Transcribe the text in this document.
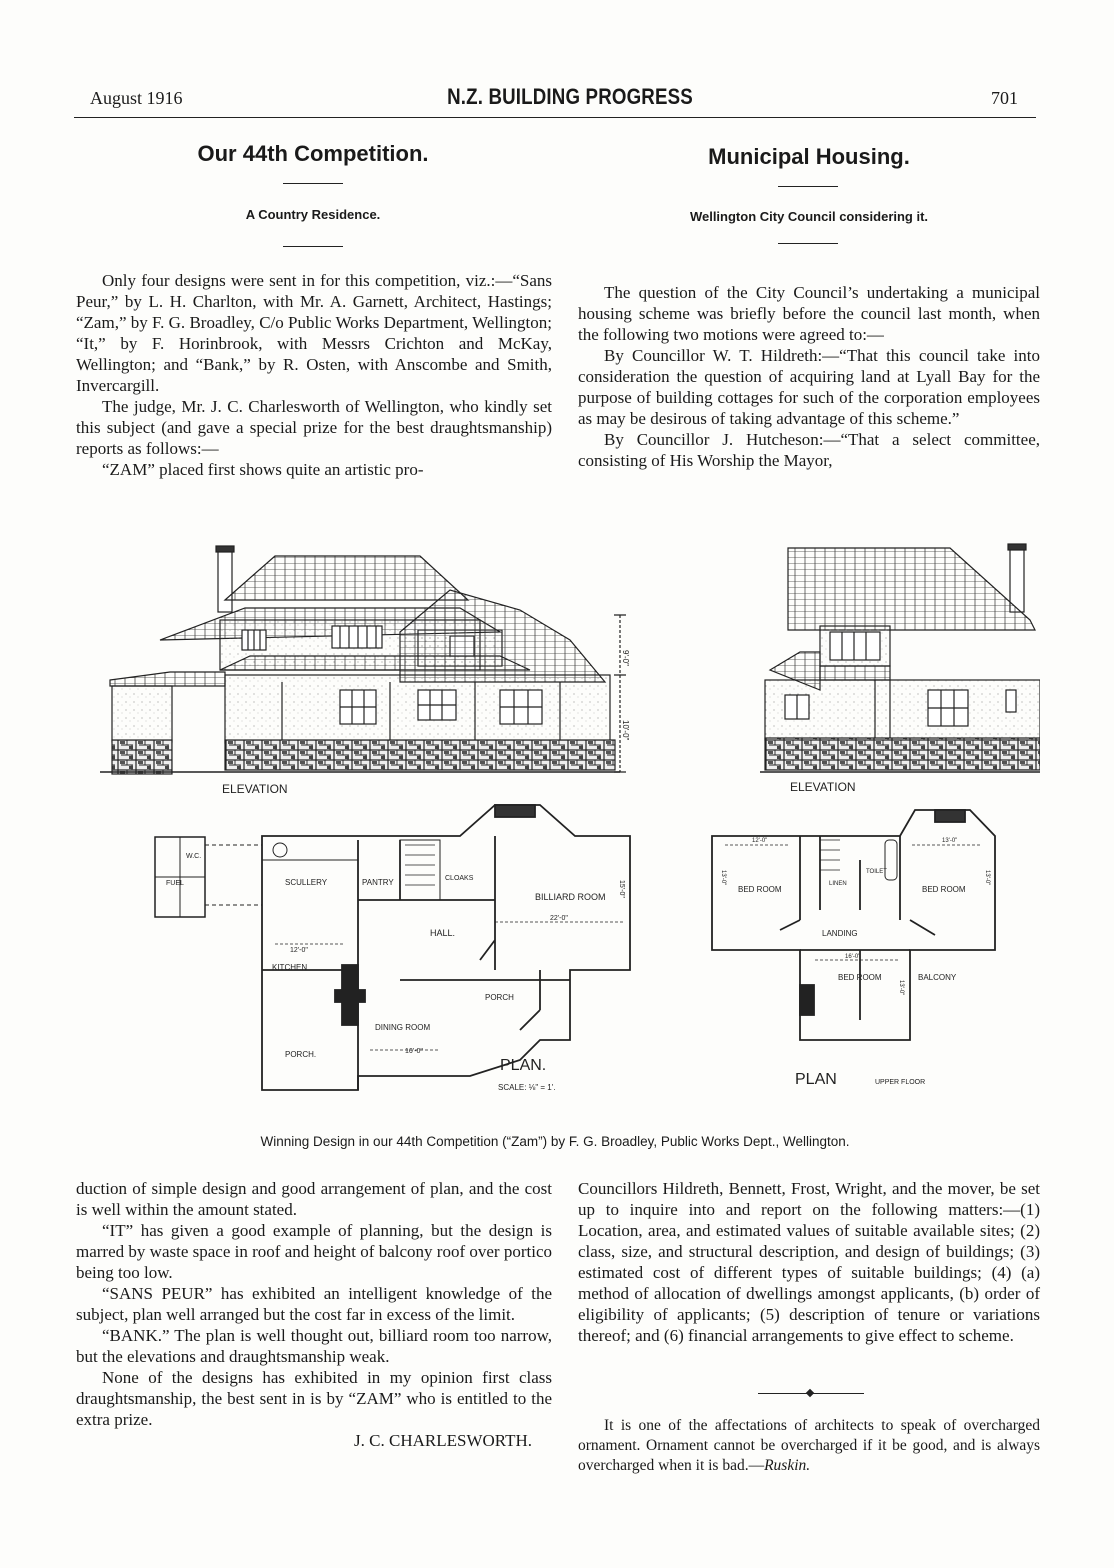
August 1916	N.Z. BUILDING PROGRESS	701
Our 44th Competition.
A Country Residence.

Only four designs were sent in for this competition, viz.:—“Sans Peur,” by L. H. Charlton, with Mr. A. Garnett, Architect, Hastings; “Zam,” by F. G. Broadley, C/o Public Works Department, Wellington; “It,” by F. Horinbrook, with Messrs Crichton and McKay, Wellington; and “Bank,” by R. Osten, with Anscombe and Smith, Invercargill.

The judge, Mr. J. C. Charlesworth of Wellington, who kindly set this subject (and gave a special prize for the best draughtsmanship) reports as follows:—

“ZAM” placed first shows quite an artistic pro-

Municipal Housing.
Wellington City Council considering it.

The question of the City Council’s undertaking a municipal housing scheme was briefly before the council last month, when the following two motions were agreed to:—

By Councillor W. T. Hildreth:—“That this council take into consideration the question of acquiring land at Lyall Bay for the purpose of building cottages for such of the corporation employees as may be desirous of taking advantage of this scheme.”

By Councillor J. Hutcheson:—“That a select committee, consisting of His Worship the Mayor,

9'-0"
10'-0"
ELEVATION	ELEVATION
FUEL
W.C.
SCULLERY	PANTRY	CLOAKS
BILLIARD ROOM
22'-0"
15'-0"
HALL.
12'-0"
KITCHEN
PORCH
DINING ROOM
PORCH.	16'-0"
PLAN.
SCALE: ⅛" = 1'.
BED ROOM
12'-0"
13'-0"	LINEN
TOILET
BED ROOM
13'-0"
13'-0"
LANDING
BED ROOM
16'-0"
13'-0"
BALCONY
PLAN	UPPER FLOOR
Winning Design in our 44th Competition (“Zam”) by F. G. Broadley, Public Works Dept., Wellington.

duction of simple design and good arrangement of plan, and the cost is well within the amount stated.

“IT” has given a good example of planning, but the design is marred by waste space in roof and height of balcony roof over portico being too low.

“SANS PEUR” has exhibited an intelligent knowledge of the subject, plan well arranged but the cost far in excess of the limit.

“BANK.” The plan is well thought out, billiard room too narrow, but the elevations and draughtsmanship weak.

None of the designs has exhibited in my opinion first class draughtsmanship, the best sent in is by “ZAM” who is entitled to the extra prize.

J. C. CHARLESWORTH.

Councillors Hildreth, Bennett, Frost, Wright, and the mover, be set up to inquire into and report on the following matters:—(1) Location, area, and estimated values of suitable available sites; (2) class, size, and structural description, and design of buildings; (3) estimated cost of different types of suitable buildings; (4) (a) method of allocation of dwellings amongst applicants, (b) order of eligibility of applicants; (5) description of tenure or variations thereof; and (6) financial arrangements to give effect to scheme.

It is one of the affectations of architects to speak of overcharged ornament. Ornament cannot be overcharged if it be good, and is always overcharged when it is bad.—Ruskin.
